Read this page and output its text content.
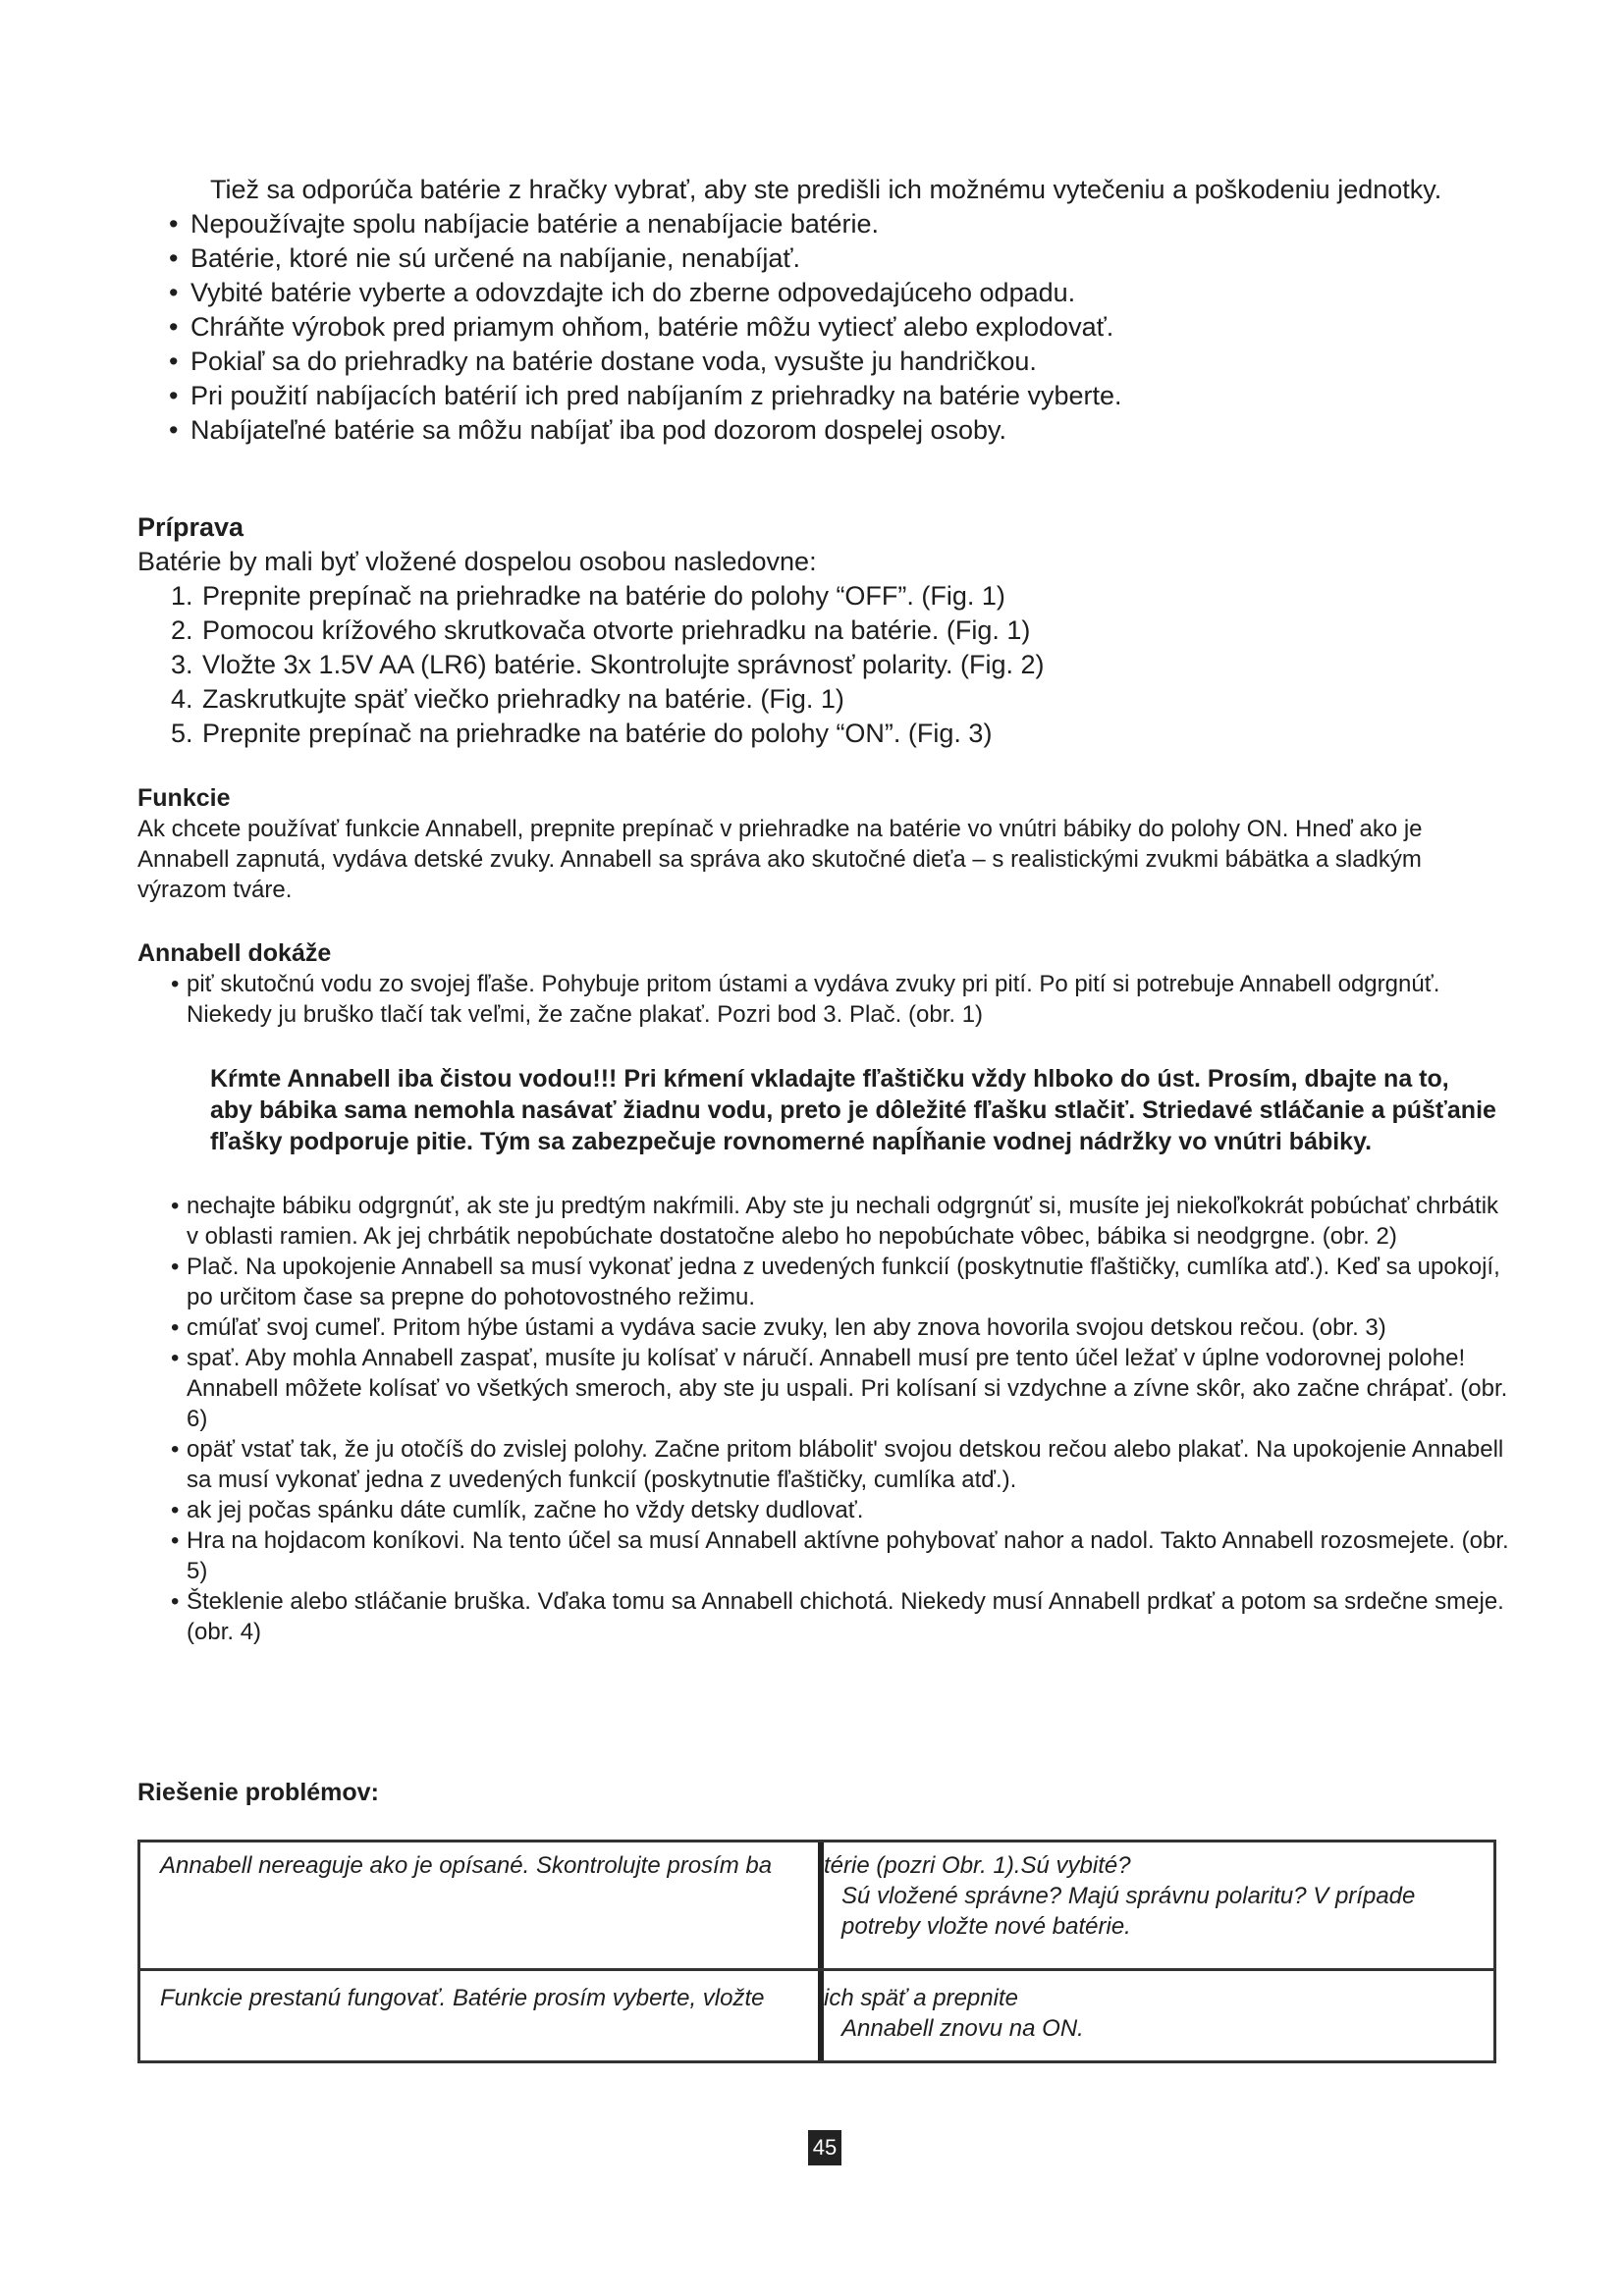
Tiež sa odporúča batérie z hračky vybrať, aby ste predišli ich možnému vytečeniu a poškodeniu jednotky.
• Nepoužívajte spolu nabíjacie batérie a nenabíjacie batérie.
• Batérie, ktoré nie sú určené na nabíjanie, nenabíjať.
• Vybité batérie vyberte a odovzdajte ich do zberne odpovedajúceho odpadu.
• Chráňte výrobok pred priamym ohňom, batérie môžu vytiecť alebo explodovať.
• Pokiaľ sa do priehradky na batérie dostane voda, vysušte ju handričkou.
• Pri použití nabíjacích batérií ich pred nabíjaním z priehradky na batérie vyberte.
• Nabíjateľné batérie sa môžu nabíjať iba pod dozorom dospelej osoby.
Príprava
Batérie by mali byť vložené dospelou osobou nasledovne:
1. Prepnite prepínač na priehradke na batérie do polohy “OFF”. (Fig. 1)
2. Pomocou krížového skrutkovača otvorte priehradku na batérie. (Fig. 1)
3. Vložte 3x 1.5V AA (LR6) batérie. Skontrolujte správnosť polarity. (Fig. 2)
4. Zaskrutkujte späť viečko priehradky na batérie. (Fig. 1)
5. Prepnite prepínač na priehradke na batérie do polohy “ON”. (Fig. 3)
Funkcie
Ak chcete používať funkcie Annabell, prepnite prepínač v priehradke na batérie vo vnútri bábiky do polohy ON. Hneď ako je Annabell zapnutá, vydáva detské zvuky. Annabell sa správa ako skutočné dieťa – s realistickými zvukmi bábätka a sladkým výrazom tváre.
Annabell dokáže
• piť skutočnú vodu zo svojej fľaše. Pohybuje pritom ústami a vydáva zvuky pri pití. Po pití si potrebuje Annabell odgrgnúť. Niekedy ju bruško tlačí tak veľmi, že začne plakať. Pozri bod 3. Plač. (obr. 1)
Kŕmte Annabell iba čistou vodou!!! Pri kŕmení vkladajte fľaštičku vždy hlboko do úst. Prosím, dbajte na to, aby bábika sama nemohla nasávať žiadnu vodu, preto je dôležité fľašku stlačiť. Striedavé stláčanie a púšťanie fľašky podporuje pitie. Tým sa zabezpečuje rovnomerné napĺňanie vodnej nádržky vo vnútri bábiky.
• nechajte bábiku odgrgnúť, ak ste ju predtým nakŕmili. Aby ste ju nechali odgrgnúť si, musíte jej niekoľkokrát pobúchať chrbátik v oblasti ramien. Ak jej chrbátik nepobúchate dostatočne alebo ho nepobúchate vôbec, bábika si neodgrgne. (obr. 2)
• Plač. Na upokojenie Annabell sa musí vykonať jedna z uvedených funkcií (poskytnutie fľaštičky, cumlíka atď.). Keď sa upokojí, po určitom čase sa prepne do pohotovostného režimu.
• cmúľať svoj cumeľ. Pritom hýbe ústami a vydáva sacie zvuky, len aby znova hovorila svojou detskou rečou. (obr. 3)
• spať. Aby mohla Annabell zaspať, musíte ju kolísať v náručí. Annabell musí pre tento účel ležať v úplne vodorovnej polohe! Annabell môžete kolísať vo všetkých smeroch, aby ste ju uspali. Pri kolísaní si vzdychne a zívne skôr, ako začne chrápať. (obr. 6)
• opäť vstať tak, že ju otočíš do zvislej polohy. Začne pritom blábolit' svojou detskou rečou alebo plakať. Na upokojenie Annabell sa musí vykonať jedna z uvedených funkcií (poskytnutie fľaštičky, cumlíka atď.).
• ak jej počas spánku dáte cumlík, začne ho vždy detsky dudlovať.
• Hra na hojdacom koníkovi. Na tento účel sa musí Annabell aktívne pohybovať nahor a nadol. Takto Annabell rozosmejete. (obr. 5)
• Šteklenie alebo stláčanie bruška. Vďaka tomu sa Annabell chichotá. Niekedy musí Annabell prdkať a potom sa srdečne smeje. (obr. 4)
Riešenie problémov:
Annabell nereaguje ako je opísané. Skontrolujte prosím ba térie (pozri Obr. 1).Sú vybité?
Sú vložené správne? Majú správnu polaritu? V prípade
potreby vložte nové batérie.
Funkcie prestanú fungovať. Batérie prosím vyberte, vložte	ich späť a prepnite
Annabell znovu na ON.
45
